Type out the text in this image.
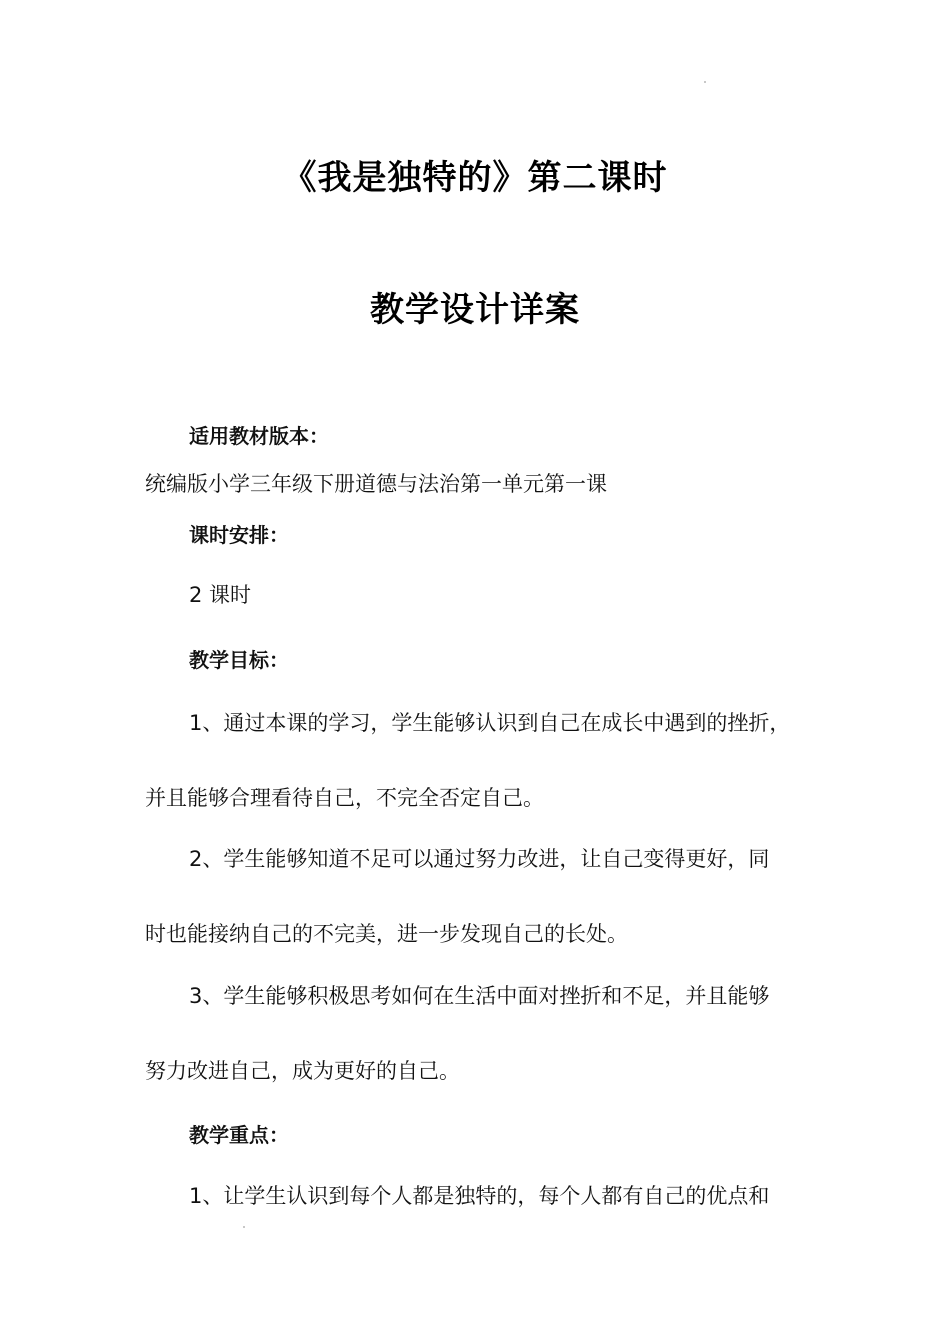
《我是独特的》第二课时
教学设计详案
适用教材版本：
统编版小学三年级下册道德与法治第一单元第一课
课时安排：
2 课时
教学目标：
1、通过本课的学习，学生能够认识到自己在成长中遇到的挫折，
并且能够合理看待自己，不完全否定自己。
2、学生能够知道不足可以通过努力改进，让自己变得更好，同
时也能接纳自己的不完美，进一步发现自己的长处。
3、学生能够积极思考如何在生活中面对挫折和不足，并且能够
努力改进自己，成为更好的自己。
教学重点：
1、让学生认识到每个人都是独特的，每个人都有自己的优点和
